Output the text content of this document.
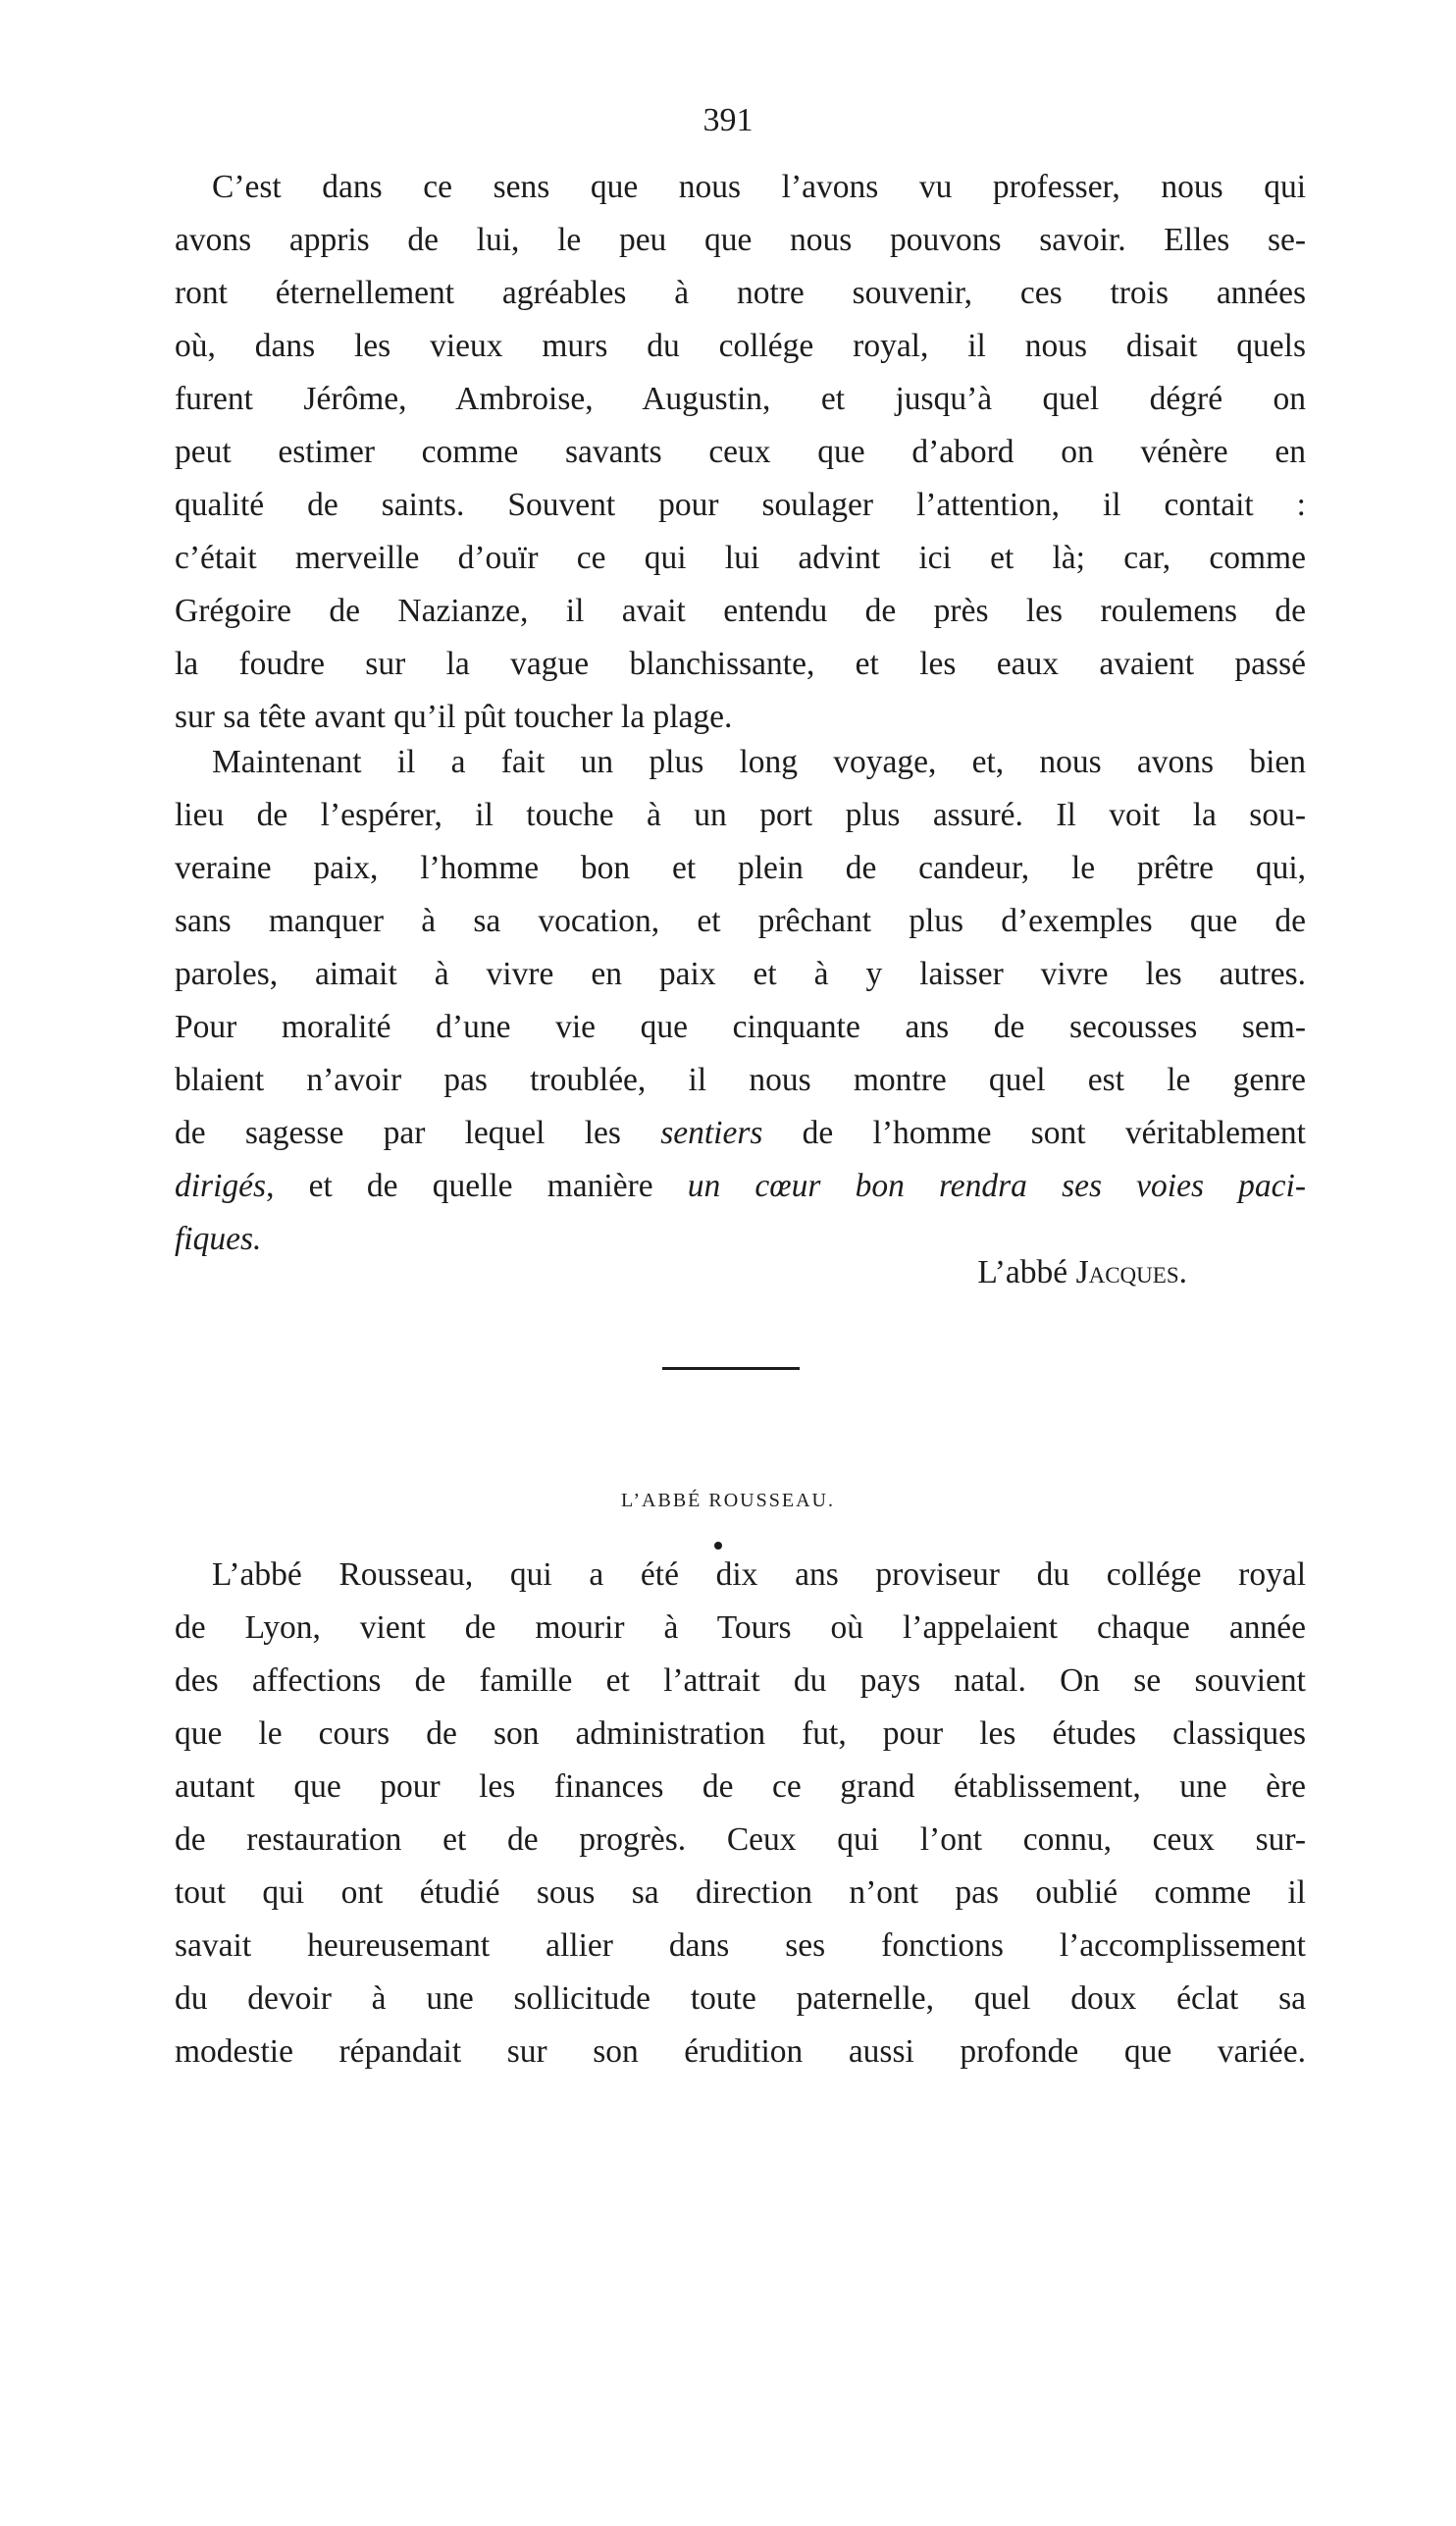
391
C’est dans ce sens que nous l’avons vu professer, nous qui
avons appris de lui, le peu que nous pouvons savoir. Elles se-
ront éternellement agréables à notre souvenir, ces trois années
où, dans les vieux murs du collége royal, il nous disait quels
furent Jérôme, Ambroise, Augustin, et jusqu’à quel dégré on
peut estimer comme savants ceux que d’abord on vénère en
qualité de saints. Souvent pour soulager l’attention, il contait :
c’était merveille d’ouïr ce qui lui advint ici et là; car, comme
Grégoire de Nazianze, il avait entendu de près les roulemens de
la foudre sur la vague blanchissante, et les eaux avaient passé
sur sa tête avant qu’il pût toucher la plage.
Maintenant il a fait un plus long voyage, et, nous avons bien
lieu de l’espérer, il touche à un port plus assuré. Il voit la sou-
veraine paix, l’homme bon et plein de candeur, le prêtre qui,
sans manquer à sa vocation, et prêchant plus d’exemples que de
paroles, aimait à vivre en paix et à y laisser vivre les autres.
Pour moralité d’une vie que cinquante ans de secousses sem-
blaient n’avoir pas troublée, il nous montre quel est le genre
de sagesse par lequel les sentiers de l’homme sont véritablement
dirigés, et de quelle manière un cœur bon rendra ses voies paci-
fiques.
L’abbé Jacques.
L’ABBÉ ROUSSEAU.
L’abbé Rousseau, qui a été dix ans proviseur du collége royal
de Lyon, vient de mourir à Tours où l’appelaient chaque année
des affections de famille et l’attrait du pays natal. On se souvient
que le cours de son administration fut, pour les études classiques
autant que pour les finances de ce grand établissement, une ère
de restauration et de progrès. Ceux qui l’ont connu, ceux sur-
tout qui ont étudié sous sa direction n’ont pas oublié comme il
savait heureusemant allier dans ses fonctions l’accomplissement
du devoir à une sollicitude toute paternelle, quel doux éclat sa
modestie répandait sur son érudition aussi profonde que variée.
